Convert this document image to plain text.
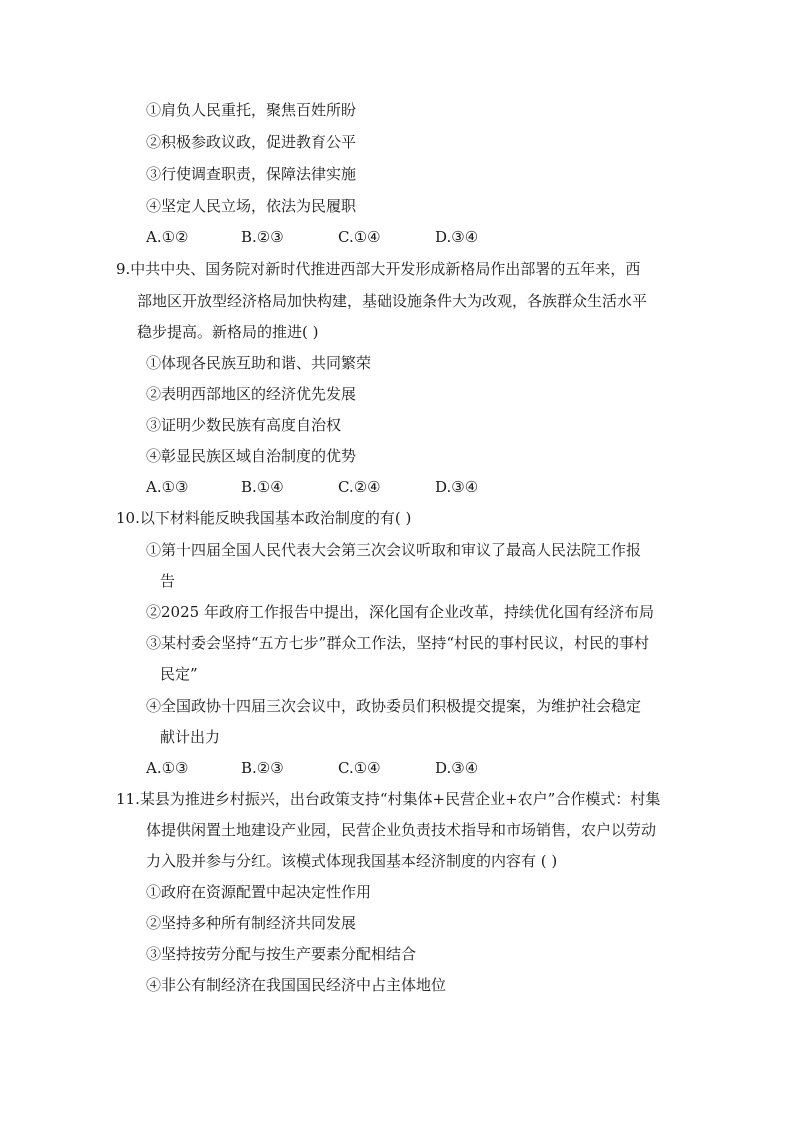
①肩负人民重托，聚焦百姓所盼
②积极参政议政，促进教育公平
③行使调查职责，保障法律实施
④坚定人民立场，依法为民履职
A.①②	B.②③	C.①④	D.③④
9.中共中央、国务院对新时代推进西部大开发形成新格局作出部署的五年来，西
部地区开放型经济格局加快构建，基础设施条件大为改观，各族群众生活水平
稳步提高。新格局的推进( )
①体现各民族互助和谐、共同繁荣
②表明西部地区的经济优先发展
③证明少数民族有高度自治权
④彰显民族区域自治制度的优势
A.①③	B.①④	C.②④	D.③④
10.以下材料能反映我国基本政治制度的有( )
①第十四届全国人民代表大会第三次会议听取和审议了最高人民法院工作报
告
②2025 年政府工作报告中提出，深化国有企业改革，持续优化国有经济布局
③某村委会坚持“五方七步”群众工作法，坚持“村民的事村民议，村民的事村
民定”
④全国政协十四届三次会议中，政协委员们积极提交提案，为维护社会稳定
献计出力
A.①③	B.②③	C.①④	D.③④
11.某县为推进乡村振兴，出台政策支持“村集体+民营企业+农户”合作模式：村集
体提供闲置土地建设产业园，民营企业负责技术指导和市场销售，农户以劳动
力入股并参与分红。该模式体现我国基本经济制度的内容有 ( )
①政府在资源配置中起决定性作用
②坚持多种所有制经济共同发展
③坚持按劳分配与按生产要素分配相结合
④非公有制经济在我国国民经济中占主体地位
